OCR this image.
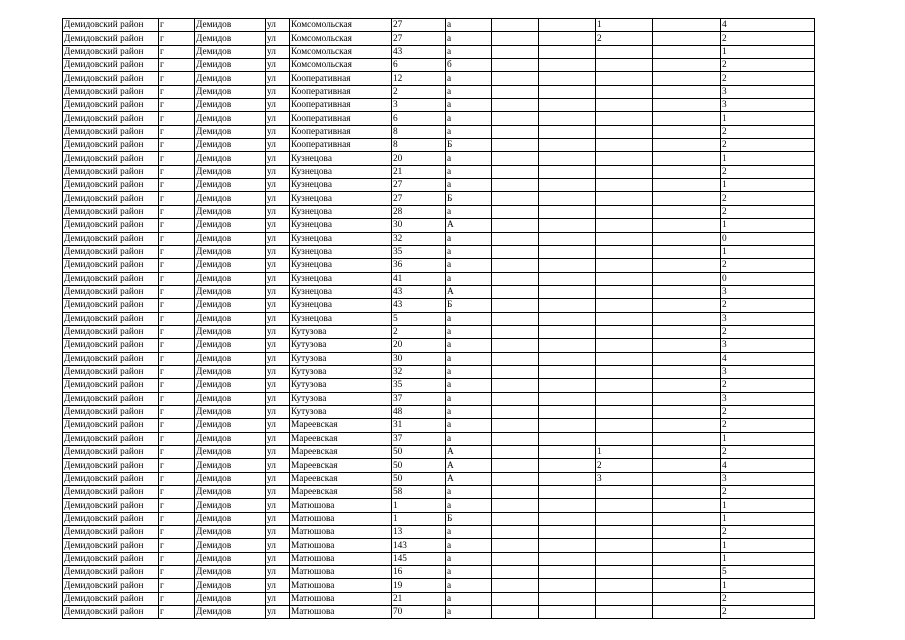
Демидовский район	г	Демидов	ул	Комсомольская	27	а			1		4
Демидовский район	г	Демидов	ул	Комсомольская	27	а			2		2
Демидовский район	г	Демидов	ул	Комсомольская	43	а					1
Демидовский район	г	Демидов	ул	Комсомольская	6	б					2
Демидовский район	г	Демидов	ул	Кооперативная	12	а					2
Демидовский район	г	Демидов	ул	Кооперативная	2	а					3
Демидовский район	г	Демидов	ул	Кооперативная	3	а					3
Демидовский район	г	Демидов	ул	Кооперативная	6	а					1
Демидовский район	г	Демидов	ул	Кооперативная	8	а					2
Демидовский район	г	Демидов	ул	Кооперативная	8	Б					2
Демидовский район	г	Демидов	ул	Кузнецова	20	а					1
Демидовский район	г	Демидов	ул	Кузнецова	21	а					2
Демидовский район	г	Демидов	ул	Кузнецова	27	а					1
Демидовский район	г	Демидов	ул	Кузнецова	27	Б					2
Демидовский район	г	Демидов	ул	Кузнецова	28	а					2
Демидовский район	г	Демидов	ул	Кузнецова	30	А					1
Демидовский район	г	Демидов	ул	Кузнецова	32	а					0
Демидовский район	г	Демидов	ул	Кузнецова	35	а					1
Демидовский район	г	Демидов	ул	Кузнецова	36	а					2
Демидовский район	г	Демидов	ул	Кузнецова	41	а					0
Демидовский район	г	Демидов	ул	Кузнецова	43	А					3
Демидовский район	г	Демидов	ул	Кузнецова	43	Б					2
Демидовский район	г	Демидов	ул	Кузнецова	5	а					3
Демидовский район	г	Демидов	ул	Кутузова	2	а					2
Демидовский район	г	Демидов	ул	Кутузова	20	а					3
Демидовский район	г	Демидов	ул	Кутузова	30	а					4
Демидовский район	г	Демидов	ул	Кутузова	32	а					3
Демидовский район	г	Демидов	ул	Кутузова	35	а					2
Демидовский район	г	Демидов	ул	Кутузова	37	а					3
Демидовский район	г	Демидов	ул	Кутузова	48	а					2
Демидовский район	г	Демидов	ул	Мареевская	31	а					2
Демидовский район	г	Демидов	ул	Мареевская	37	а					1
Демидовский район	г	Демидов	ул	Мареевская	50	А			1		2
Демидовский район	г	Демидов	ул	Мареевская	50	А			2		4
Демидовский район	г	Демидов	ул	Мареевская	50	А			3		3
Демидовский район	г	Демидов	ул	Мареевская	58	а					2
Демидовский район	г	Демидов	ул	Матюшова	1	а					1
Демидовский район	г	Демидов	ул	Матюшова	1	Б					1
Демидовский район	г	Демидов	ул	Матюшова	13	а					2
Демидовский район	г	Демидов	ул	Матюшова	143	а					1
Демидовский район	г	Демидов	ул	Матюшова	145	а					1
Демидовский район	г	Демидов	ул	Матюшова	16	а					5
Демидовский район	г	Демидов	ул	Матюшова	19	а					1
Демидовский район	г	Демидов	ул	Матюшова	21	а					2
Демидовский район	г	Демидов	ул	Матюшова	70	а					2
